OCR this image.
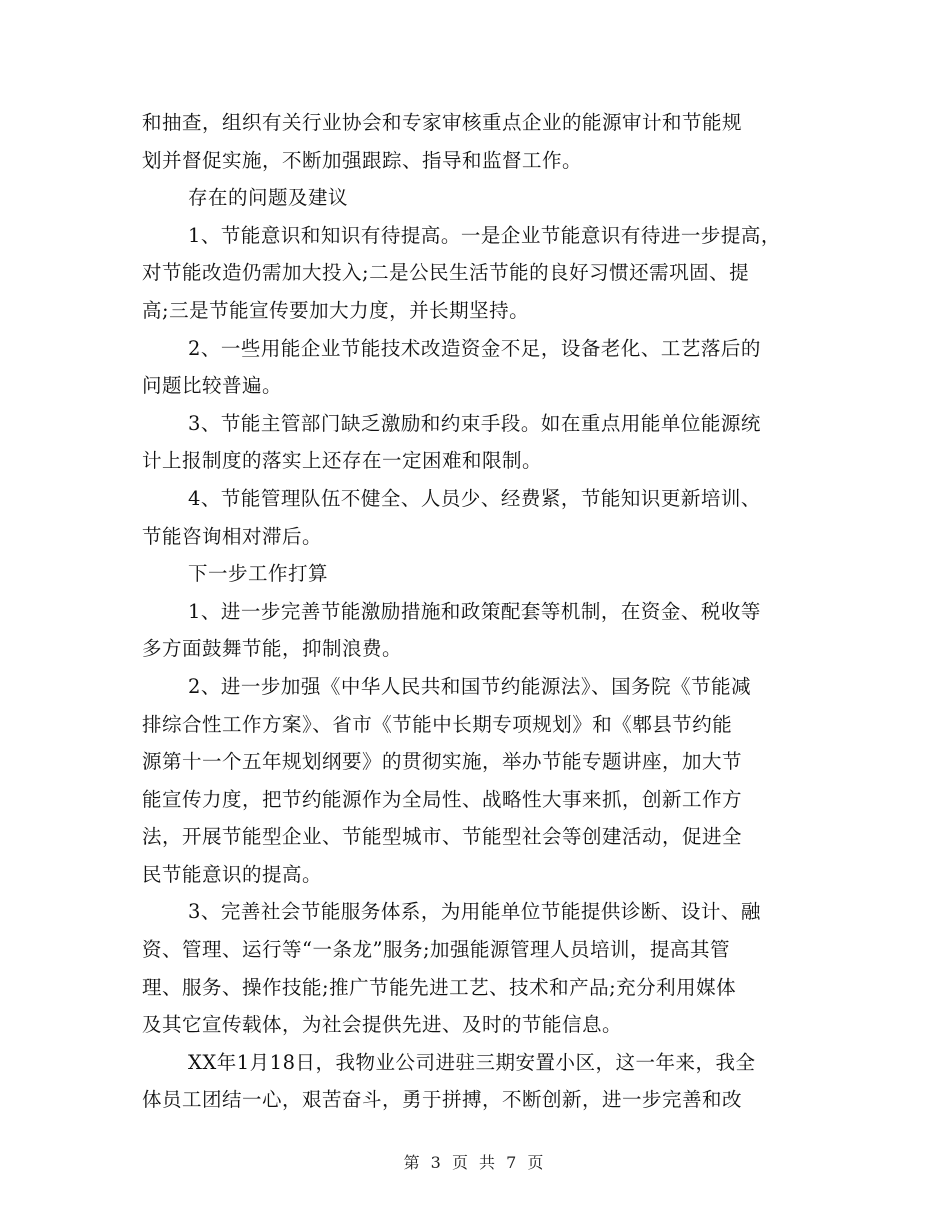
和抽查，组织有关行业协会和专家审核重点企业的能源审计和节能规
划并督促实施，不断加强跟踪、指导和监督工作。
存在的问题及建议
1、节能意识和知识有待提高。一是企业节能意识有待进一步提高，
对节能改造仍需加大投入;二是公民生活节能的良好习惯还需巩固、提
高;三是节能宣传要加大力度，并长期坚持。
2、一些用能企业节能技术改造资金不足，设备老化、工艺落后的
问题比较普遍。
3、节能主管部门缺乏激励和约束手段。如在重点用能单位能源统
计上报制度的落实上还存在一定困难和限制。
4、节能管理队伍不健全、人员少、经费紧，节能知识更新培训、
节能咨询相对滞后。
下一步工作打算
1、进一步完善节能激励措施和政策配套等机制，在资金、税收等
多方面鼓舞节能，抑制浪费。
2、进一步加强《中华人民共和国节约能源法》、国务院《节能减
排综合性工作方案》、省市《节能中长期专项规划》和《郫县节约能
源第十一个五年规划纲要》的贯彻实施，举办节能专题讲座，加大节
能宣传力度，把节约能源作为全局性、战略性大事来抓，创新工作方
法，开展节能型企业、节能型城市、节能型社会等创建活动，促进全
民节能意识的提高。
3、完善社会节能服务体系，为用能单位节能提供诊断、设计、融
资、管理、运行等“一条龙”服务;加强能源管理人员培训，提高其管
理、服务、操作技能;推广节能先进工艺、技术和产品;充分利用媒体
及其它宣传载体，为社会提供先进、及时的节能信息。
XX年1月18日，我物业公司进驻三期安置小区，这一年来，我全
体员工团结一心，艰苦奋斗，勇于拼搏，不断创新，进一步完善和改
第 3 页 共 7 页
